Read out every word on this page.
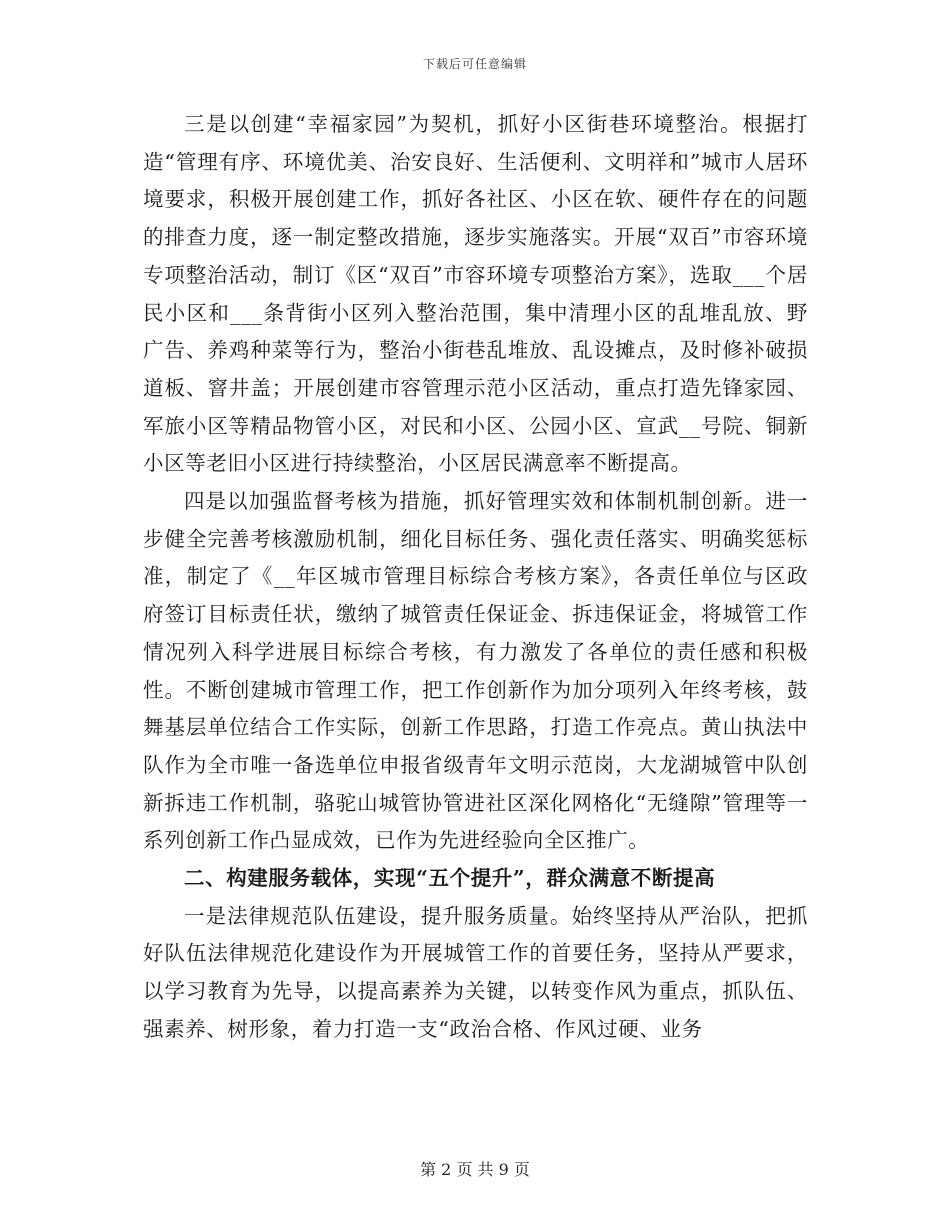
下载后可任意编辑

三是以创建“幸福家园”为契机，抓好小区街巷环境整治。根据打造“管理有序、环境优美、治安良好、生活便利、文明祥和”城市人居环境要求，积极开展创建工作，抓好各社区、小区在软、硬件存在的问题的排查力度，逐一制定整改措施，逐步实施落实。开展“双百”市容环境专项整治活动，制订《区“双百”市容环境专项整治方案》，选取___个居民小区和___条背街小区列入整治范围，集中清理小区的乱堆乱放、野广告、养鸡种菜等行为，整治小街巷乱堆放、乱设摊点，及时修补破损道板、窨井盖；开展创建市容管理示范小区活动，重点打造先锋家园、军旅小区等精品物管小区，对民和小区、公园小区、宣武__号院、铜新小区等老旧小区进行持续整治，小区居民满意率不断提高。

四是以加强监督考核为措施，抓好管理实效和体制机制创新。进一步健全完善考核激励机制，细化目标任务、强化责任落实、明确奖惩标准，制定了《__年区城市管理目标综合考核方案》，各责任单位与区政府签订目标责任状，缴纳了城管责任保证金、拆违保证金，将城管工作情况列入科学进展目标综合考核，有力激发了各单位的责任感和积极性。不断创建城市管理工作，把工作创新作为加分项列入年终考核，鼓舞基层单位结合工作实际，创新工作思路，打造工作亮点。黄山执法中队作为全市唯一备选单位申报省级青年文明示范岗，大龙湖城管中队创新拆违工作机制，骆驼山城管协管进社区深化网格化“无缝隙”管理等一系列创新工作凸显成效，已作为先进经验向全区推广。

二、构建服务载体，实现“五个提升”，群众满意不断提高

一是法律规范队伍建设，提升服务质量。始终坚持从严治队，把抓好队伍法律规范化建设作为开展城管工作的首要任务，坚持从严要求，以学习教育为先导，以提高素养为关键，以转变作风为重点，抓队伍、强素养、树形象，着力打造一支“政治合格、作风过硬、业务

第 2 页 共 9 页
